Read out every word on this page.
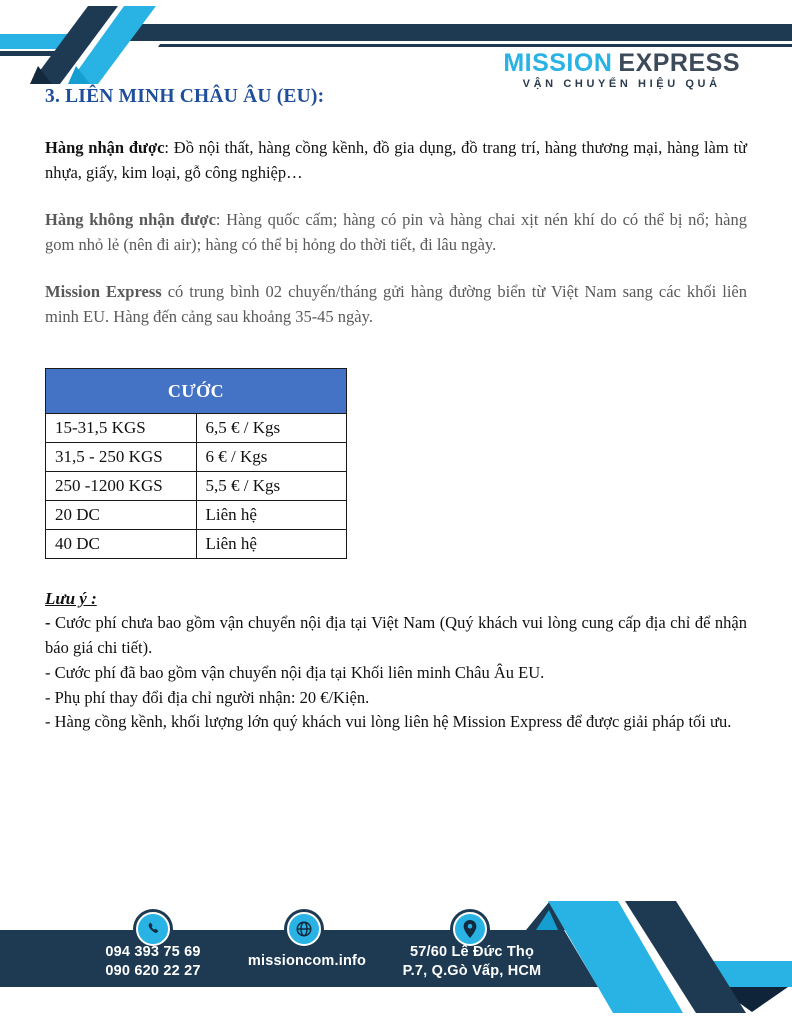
MISSION EXPRESS
VẬN CHUYỂN HIỆU QUẢ
3. LIÊN MINH CHÂU ÂU (EU):

Hàng nhận được: Đồ nội thất, hàng cồng kềnh, đồ gia dụng, đồ trang trí, hàng thương mại, hàng làm từ nhựa, giấy, kim loại, gỗ công nghiệp…

Hàng không nhận được: Hàng quốc cấm; hàng có pin và hàng chai xịt nén khí do có thể bị nổ; hàng gom nhỏ lẻ (nên đi air); hàng có thể bị hỏng do thời tiết, đi lâu ngày.

Mission Express có trung bình 02 chuyến/tháng gửi hàng đường biển từ Việt Nam sang các khối liên minh EU. Hàng đến cảng sau khoảng 35-45 ngày.

CƯỚC	
15-31,5 KGS	6,5 € / Kgs
31,5 - 250 KGS	6 € / Kgs
250 -1200 KGS	5,5 € / Kgs
20 DC	Liên hệ
40 DC	Liên hệ
Lưu ý :
- Cước phí chưa bao gồm vận chuyển nội địa tại Việt Nam (Quý khách vui lòng cung cấp địa chỉ để nhận báo giá chi tiết).
- Cước phí đã bao gồm vận chuyển nội địa tại Khối liên minh Châu Âu EU.
- Phụ phí thay đổi địa chỉ người nhận: 20 €/Kiện.
- Hàng cồng kềnh, khối lượng lớn quý khách vui lòng liên hệ Mission Express để được giải pháp tối ưu.
094 393 75 69
090 620 22 27
missioncom.info
57/60 Lê Đức Thọ
P.7, Q.Gò Vấp, HCM
